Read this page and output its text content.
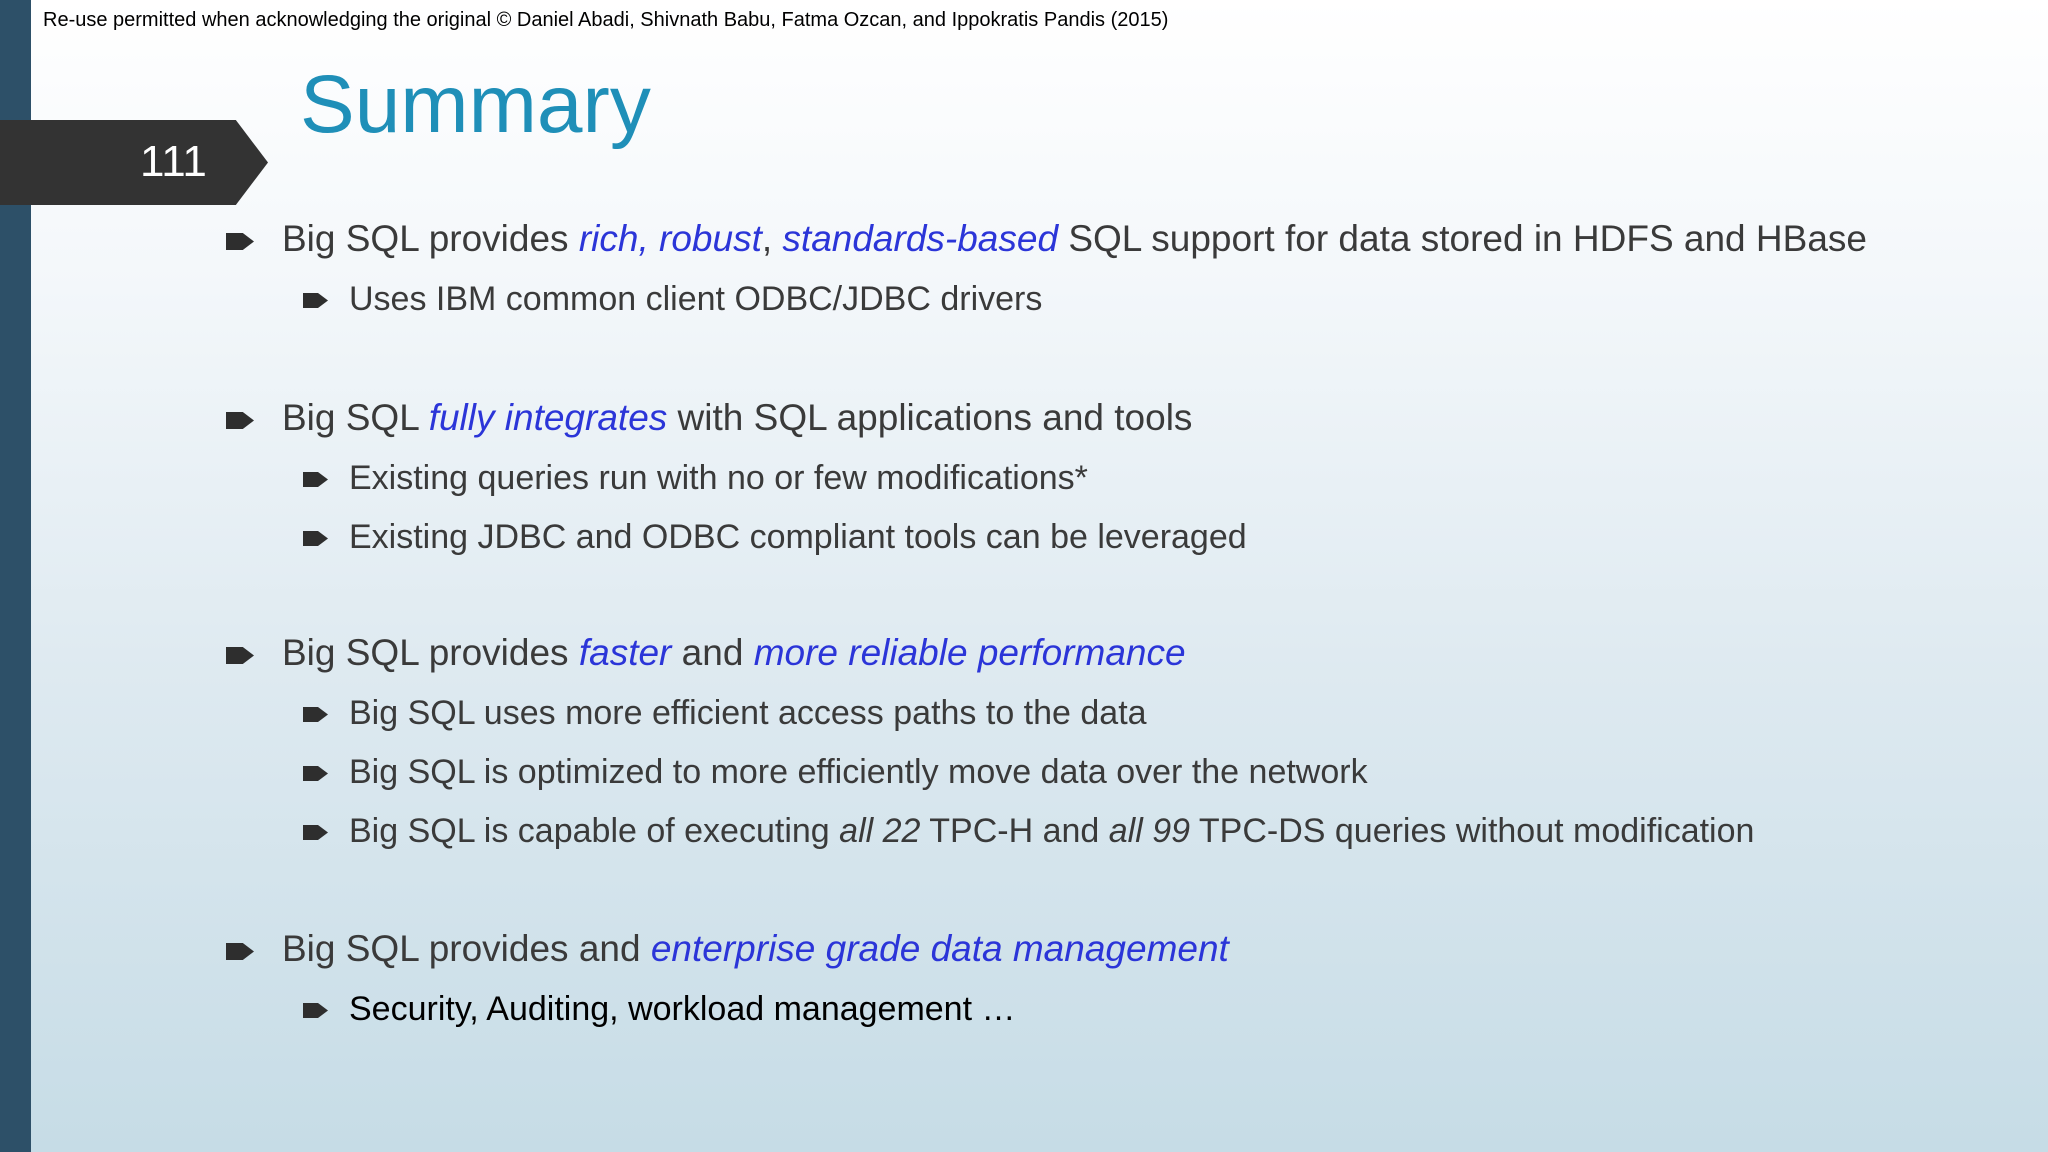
Re-use permitted when acknowledging the original © Daniel Abadi, Shivnath Babu, Fatma Ozcan, and Ippokratis Pandis (2015)
Summary
111
Big SQL provides rich, robust, standards-based SQL support for data stored in HDFS and HBase
Uses IBM common client ODBC/JDBC drivers
Big SQL fully integrates with SQL applications and tools
Existing queries run with no or few modifications*
Existing JDBC and ODBC compliant tools can be leveraged
Big SQL provides faster and more reliable performance
Big SQL uses more efficient access paths to the data
Big SQL is optimized to more efficiently move data over the network
Big SQL is capable of executing all 22 TPC-H and all 99 TPC-DS queries without modification
Big SQL provides and enterprise grade data management
Security, Auditing, workload management …
